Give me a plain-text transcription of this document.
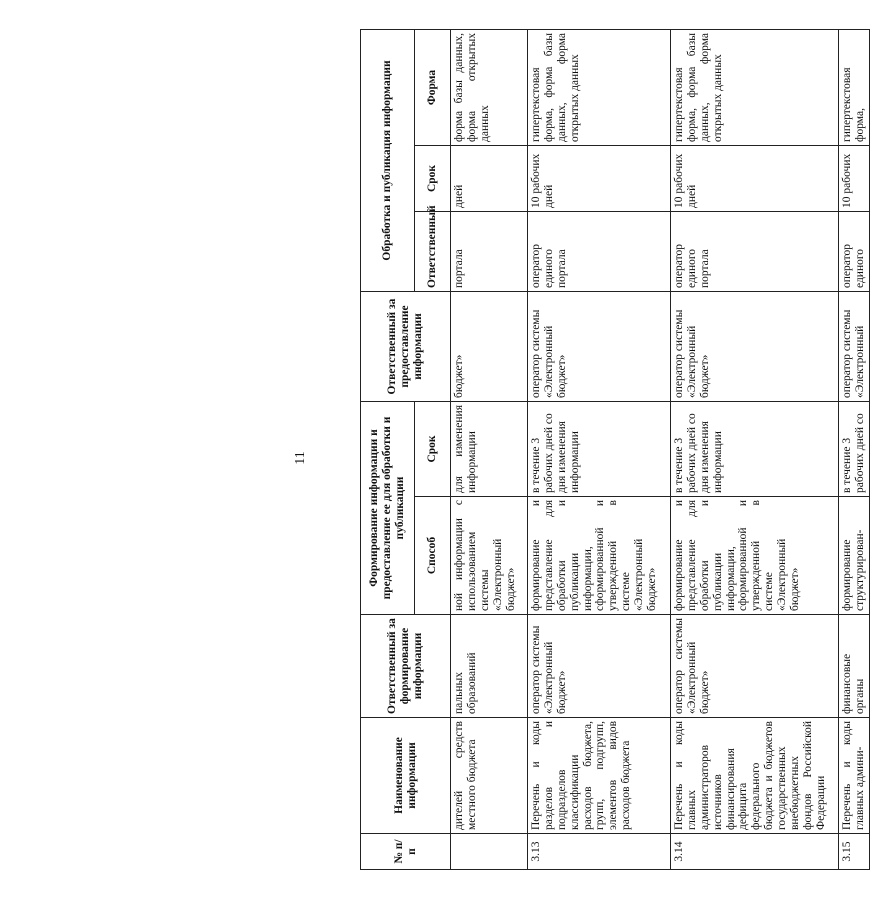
11
№ п/п	Наименование информации	Ответственный за формирование информации	Формирование информации и предоставление ее для обработки и публикации		Ответственный за предоставление информации	Обработка и публикация информации		
			Способ	Срок		Ответственный	Срок	Форма
	дителей средств местного бюджета	пальных образований	ной информации с использованием системы «Электронный бюджет»	для изменения информации	бюджет»	портала	дней	форма базы данных, форма открытых данных
3.13	Перечень и коды разделов и подразделов классификации расходов бюджета, групп, подгрупп, элементов видов расходов бюджета	оператор системы «Электронный бюджет»	формирование и представление для обработки и публикации информации, сформированной и утвержденной в системе «Электронный бюджет»	в течение 3 рабочих дней со дня изменения информации	оператор системы «Электронный бюджет»	оператор единого портала	10 рабочих дней	гипертекстовая форма, форма базы данных, форма открытых данных
3.14	Перечень и коды главных администраторов источников финансирования дефицита федерального бюджета и бюджетов государственных внебюджетных фондов Российской Федерации	оператор системы «Электронный бюджет»	формирование и представление для обработки и публикации информации, сформированной и утвержденной в системе «Электронный бюджет»	в течение 3 рабочих дней со дня изменения информации	оператор системы «Электронный бюджет»	оператор единого портала	10 рабочих дней	гипертекстовая форма, форма базы данных, форма открытых данных
3.15	Перечень и коды главных админи-	финансовые органы	формирование структурирован-	в течение 3 рабочих дней со	оператор системы «Электронный	оператор единого	10 рабочих	гипертекстовая форма,
